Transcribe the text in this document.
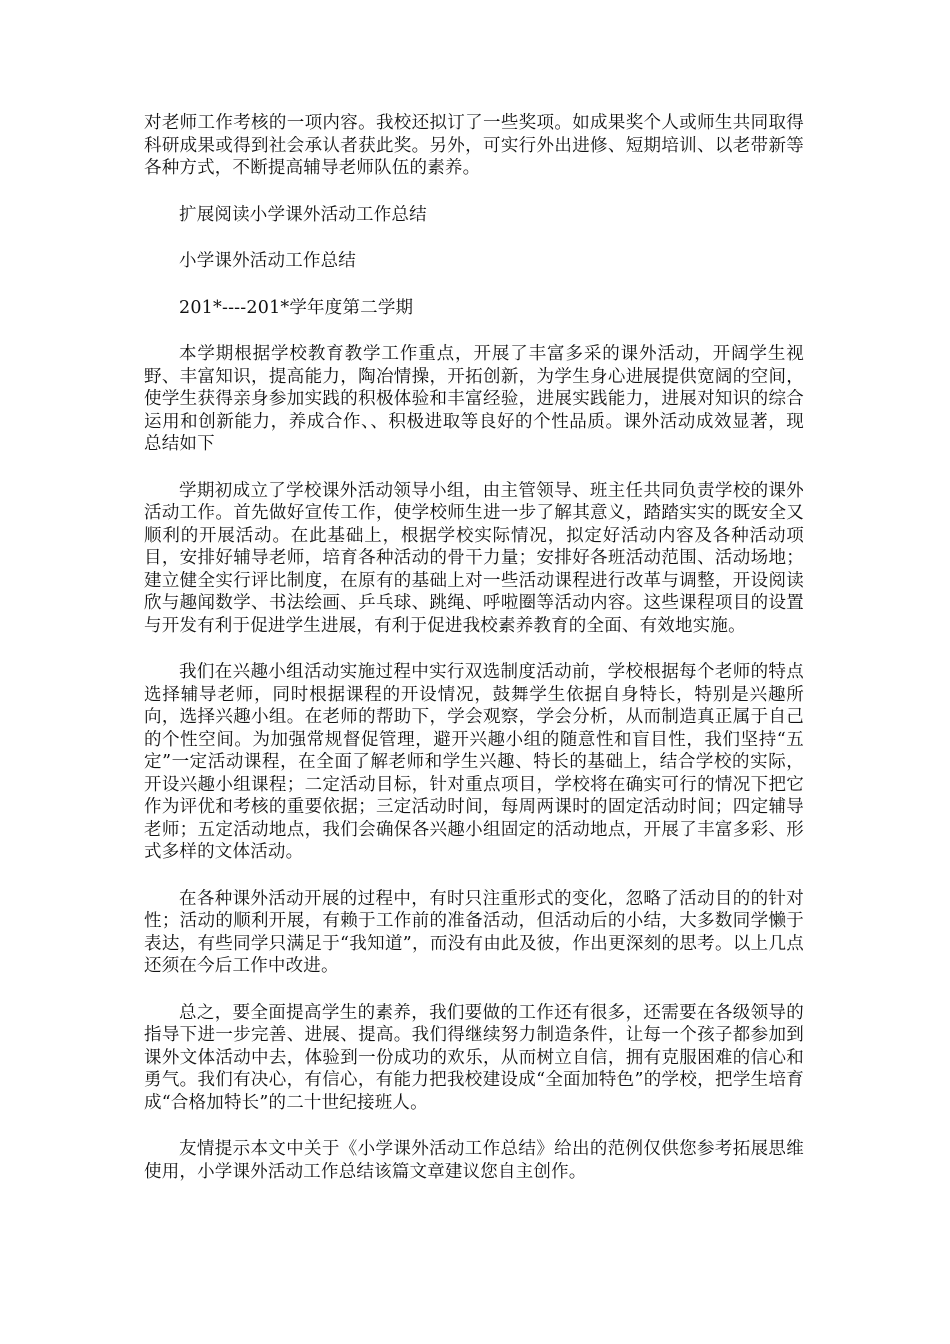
对老师工作考核的一项内容。我校还拟订了一些奖项。如成果奖个人或师生共同取得科研成果或得到社会承认者获此奖。另外，可实行外出进修、短期培训、以老带新等各种方式，不断提高辅导老师队伍的素养。

扩展阅读小学课外活动工作总结

小学课外活动工作总结

201*----201*学年度第二学期

本学期根据学校教育教学工作重点，开展了丰富多采的课外活动，开阔学生视野、丰富知识，提高能力，陶冶情操，开拓创新，为学生身心进展提供宽阔的空间，使学生获得亲身参加实践的积极体验和丰富经验，进展实践能力，进展对知识的综合运用和创新能力，养成合作、、积极进取等良好的个性品质。课外活动成效显著，现总结如下

学期初成立了学校课外活动领导小组，由主管领导、班主任共同负责学校的课外活动工作。首先做好宣传工作，使学校师生进一步了解其意义，踏踏实实的既安全又顺利的开展活动。在此基础上，根据学校实际情况，拟定好活动内容及各种活动项目，安排好辅导老师，培育各种活动的骨干力量；安排好各班活动范围、活动场地；建立健全实行评比制度，在原有的基础上对一些活动课程进行改革与调整，开设阅读欣与趣闻数学、书法绘画、乒乓球、跳绳、呼啦圈等活动内容。这些课程项目的设置与开发有利于促进学生进展，有利于促进我校素养教育的全面、有效地实施。

我们在兴趣小组活动实施过程中实行双选制度活动前，学校根据每个老师的特点选择辅导老师，同时根据课程的开设情况，鼓舞学生依据自身特长，特别是兴趣所向，选择兴趣小组。在老师的帮助下，学会观察，学会分析，从而制造真正属于自己的个性空间。为加强常规督促管理，避开兴趣小组的随意性和盲目性，我们坚持“五定”一定活动课程，在全面了解老师和学生兴趣、特长的基础上，结合学校的实际，开设兴趣小组课程；二定活动目标，针对重点项目，学校将在确实可行的情况下把它作为评优和考核的重要依据；三定活动时间，每周两课时的固定活动时间；四定辅导老师；五定活动地点，我们会确保各兴趣小组固定的活动地点，开展了丰富多彩、形式多样的文体活动。

在各种课外活动开展的过程中，有时只注重形式的变化，忽略了活动目的的针对性；活动的顺利开展，有赖于工作前的准备活动，但活动后的小结，大多数同学懒于表达，有些同学只满足于“我知道”，而没有由此及彼，作出更深刻的思考。以上几点还须在今后工作中改进。

总之，要全面提高学生的素养，我们要做的工作还有很多，还需要在各级领导的指导下进一步完善、进展、提高。我们得继续努力制造条件，让每一个孩子都参加到课外文体活动中去，体验到一份成功的欢乐，从而树立自信，拥有克服困难的信心和勇气。我们有决心，有信心，有能力把我校建设成“全面加特色”的学校，把学生培育成“合格加特长”的二十世纪接班人。

友情提示本文中关于《小学课外活动工作总结》给出的范例仅供您参考拓展思维使用，小学课外活动工作总结该篇文章建议您自主创作。
